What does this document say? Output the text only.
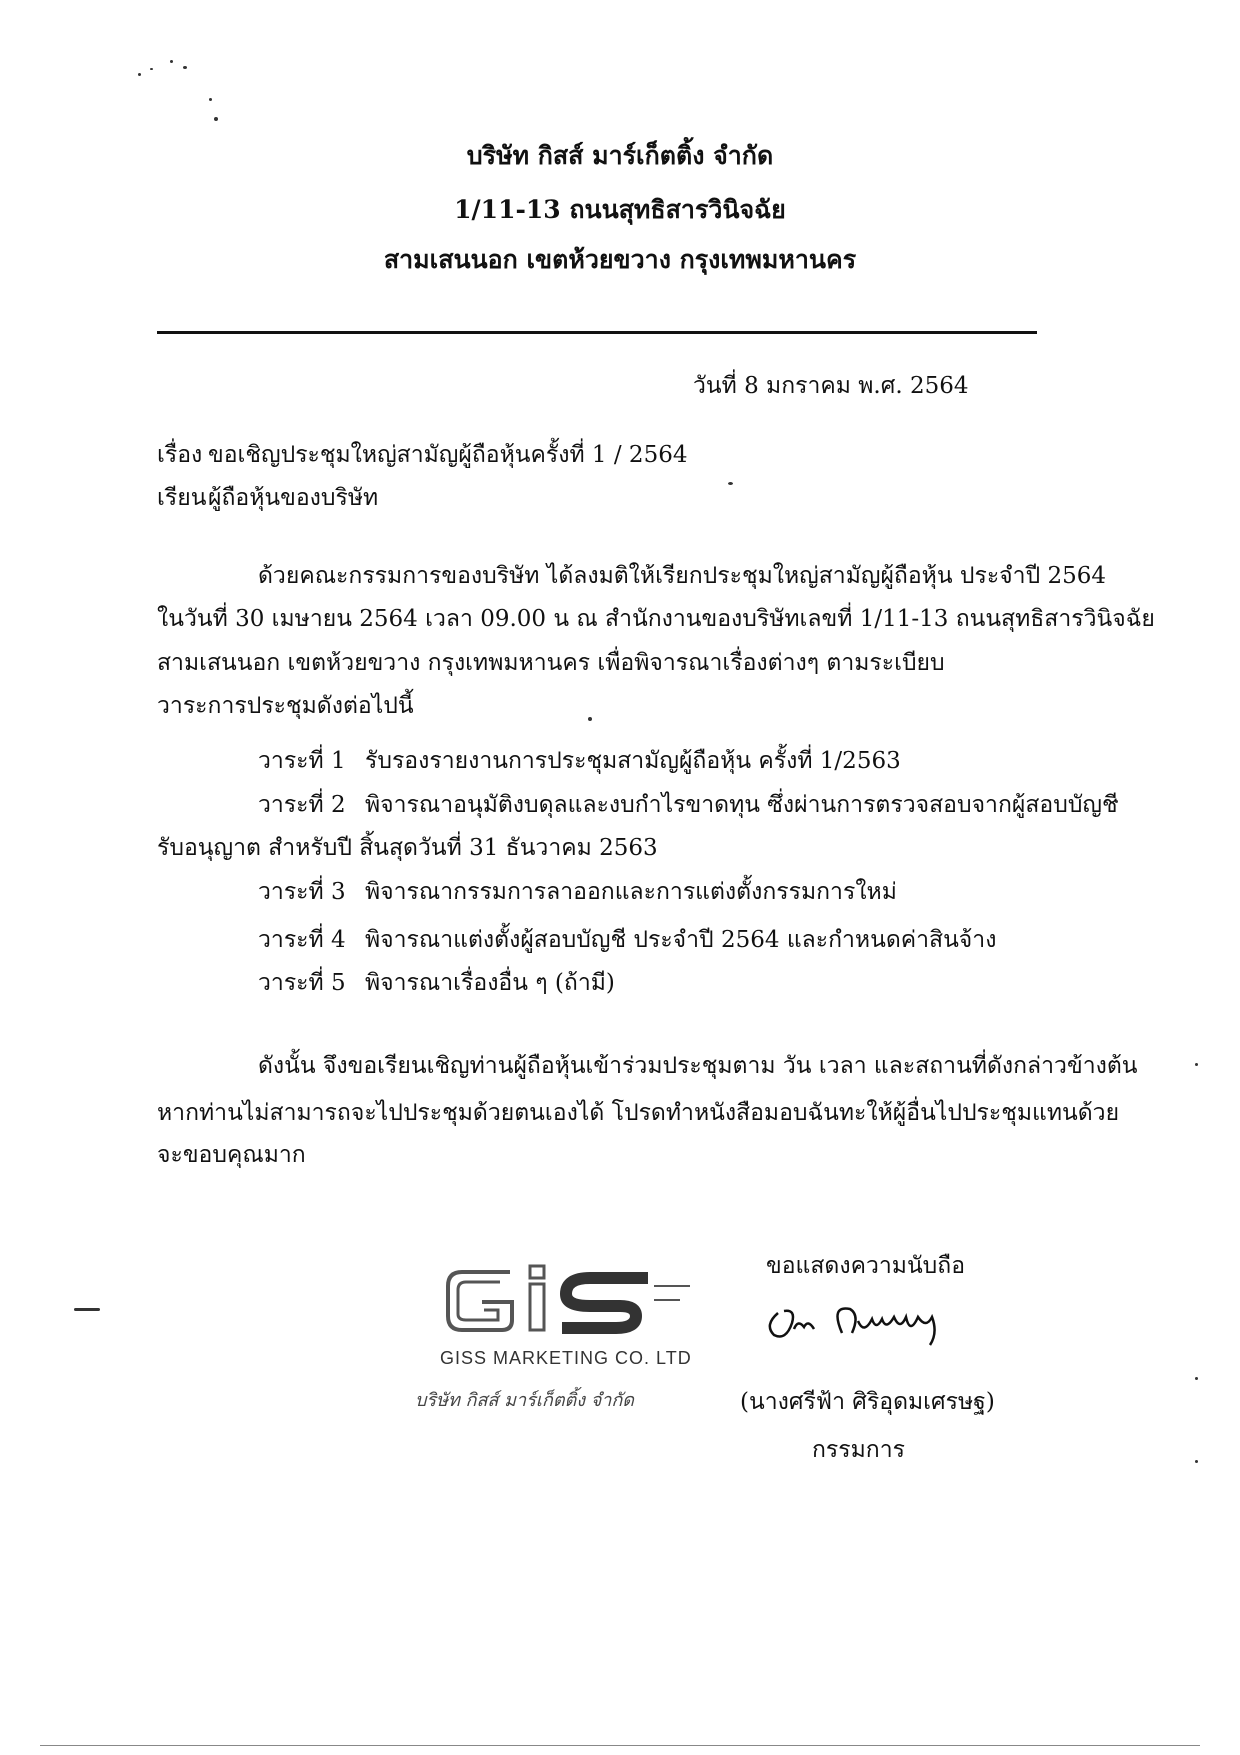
บริษัท กิสส์ มาร์เก็ตติ้ง จำกัด
1/11-13 ถนนสุทธิสารวินิจฉัย
สามเสนนอก เขตห้วยขวาง กรุงเทพมหานคร
วันที่ 8 มกราคม พ.ศ. 2564
เรื่อง ขอเชิญประชุมใหญ่สามัญผู้ถือหุ้นครั้งที่ 1 / 2564
เรียน ผู้ถือหุ้นของบริษัท
ด้วยคณะกรรมการของบริษัท ได้ลงมติให้เรียกประชุมใหญ่สามัญผู้ถือหุ้น ประจำปี 2564
ในวันที่ 30 เมษายน 2564 เวลา 09.00 น ณ สำนักงานของบริษัทเลขที่ 1/11-13 ถนนสุทธิสารวินิจฉัย
สามเสนนอก เขตห้วยขวาง กรุงเทพมหานคร เพื่อพิจารณาเรื่องต่างๆ ตามระเบียบ
วาระการประชุมดังต่อไปนี้
วาระที่ 1 รับรองรายงานการประชุมสามัญผู้ถือหุ้น ครั้งที่ 1/2563
วาระที่ 2 พิจารณาอนุมัติงบดุลและงบกำไรขาดทุน ซึ่งผ่านการตรวจสอบจากผู้สอบบัญชี
รับอนุญาต สำหรับปี สิ้นสุดวันที่ 31 ธันวาคม 2563
วาระที่ 3 พิจารณากรรมการลาออกและการแต่งตั้งกรรมการใหม่
วาระที่ 4 พิจารณาแต่งตั้งผู้สอบบัญชี ประจำปี 2564 และกำหนดค่าสินจ้าง
วาระที่ 5 พิจารณาเรื่องอื่น ๆ (ถ้ามี)
ดังนั้น จึงขอเรียนเชิญท่านผู้ถือหุ้นเข้าร่วมประชุมตาม วัน เวลา และสถานที่ดังกล่าวข้างต้น
หากท่านไม่สามารถจะไปประชุมด้วยตนเองได้ โปรดทำหนังสือมอบฉันทะให้ผู้อื่นไปประชุมแทนด้วย
จะขอบคุณมาก
GISS MARKETING CO. LTD
บริษัท กิสส์ มาร์เก็ตติ้ง จำกัด
ขอแสดงความนับถือ
(นางศรีฟ้า ศิริอุดมเศรษฐ)
กรรมการ
